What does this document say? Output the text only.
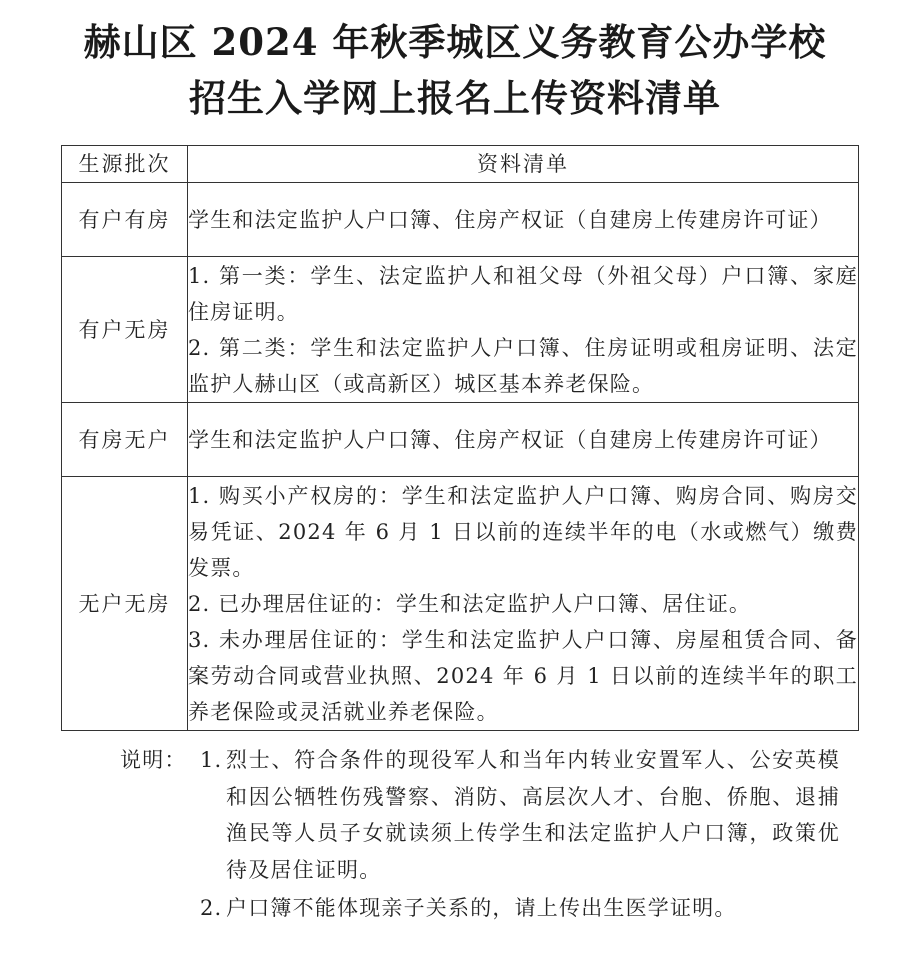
赫山区 2024 年秋季城区义务教育公办学校
招生入学网上报名上传资料清单
生源批次	资料清单
有户有房	学生和法定监护人户口簿、住房产权证（自建房上传建房许可证）

有户无房	1. 第一类：学生、法定监护人和祖父母（外祖父母）户口簿、家庭住房证明。
2. 第二类：学生和法定监护人户口簿、住房证明或租房证明、法定监护人赫山区（或高新区）城区基本养老保险。

有房无户	学生和法定监护人户口簿、住房产权证（自建房上传建房许可证）

无户无房	1. 购买小产权房的：学生和法定监护人户口簿、购房合同、购房交易凭证、2024 年 6 月 1 日以前的连续半年的电（水或燃气）缴费发票。
2. 已办理居住证的：学生和法定监护人户口簿、居住证。
3. 未办理居住证的：学生和法定监护人户口簿、房屋租赁合同、备案劳动合同或营业执照、2024 年 6 月 1 日以前的连续半年的职工养老保险或灵活就业养老保险。
说明： 1. 烈士、符合条件的现役军人和当年内转业安置军人、公安英模和因公牺牲伤残警察、消防、高层次人才、台胞、侨胞、退捕渔民等人员子女就读须上传学生和法定监护人户口簿，政策优待及居住证明。
2. 户口簿不能体现亲子关系的，请上传出生医学证明。
